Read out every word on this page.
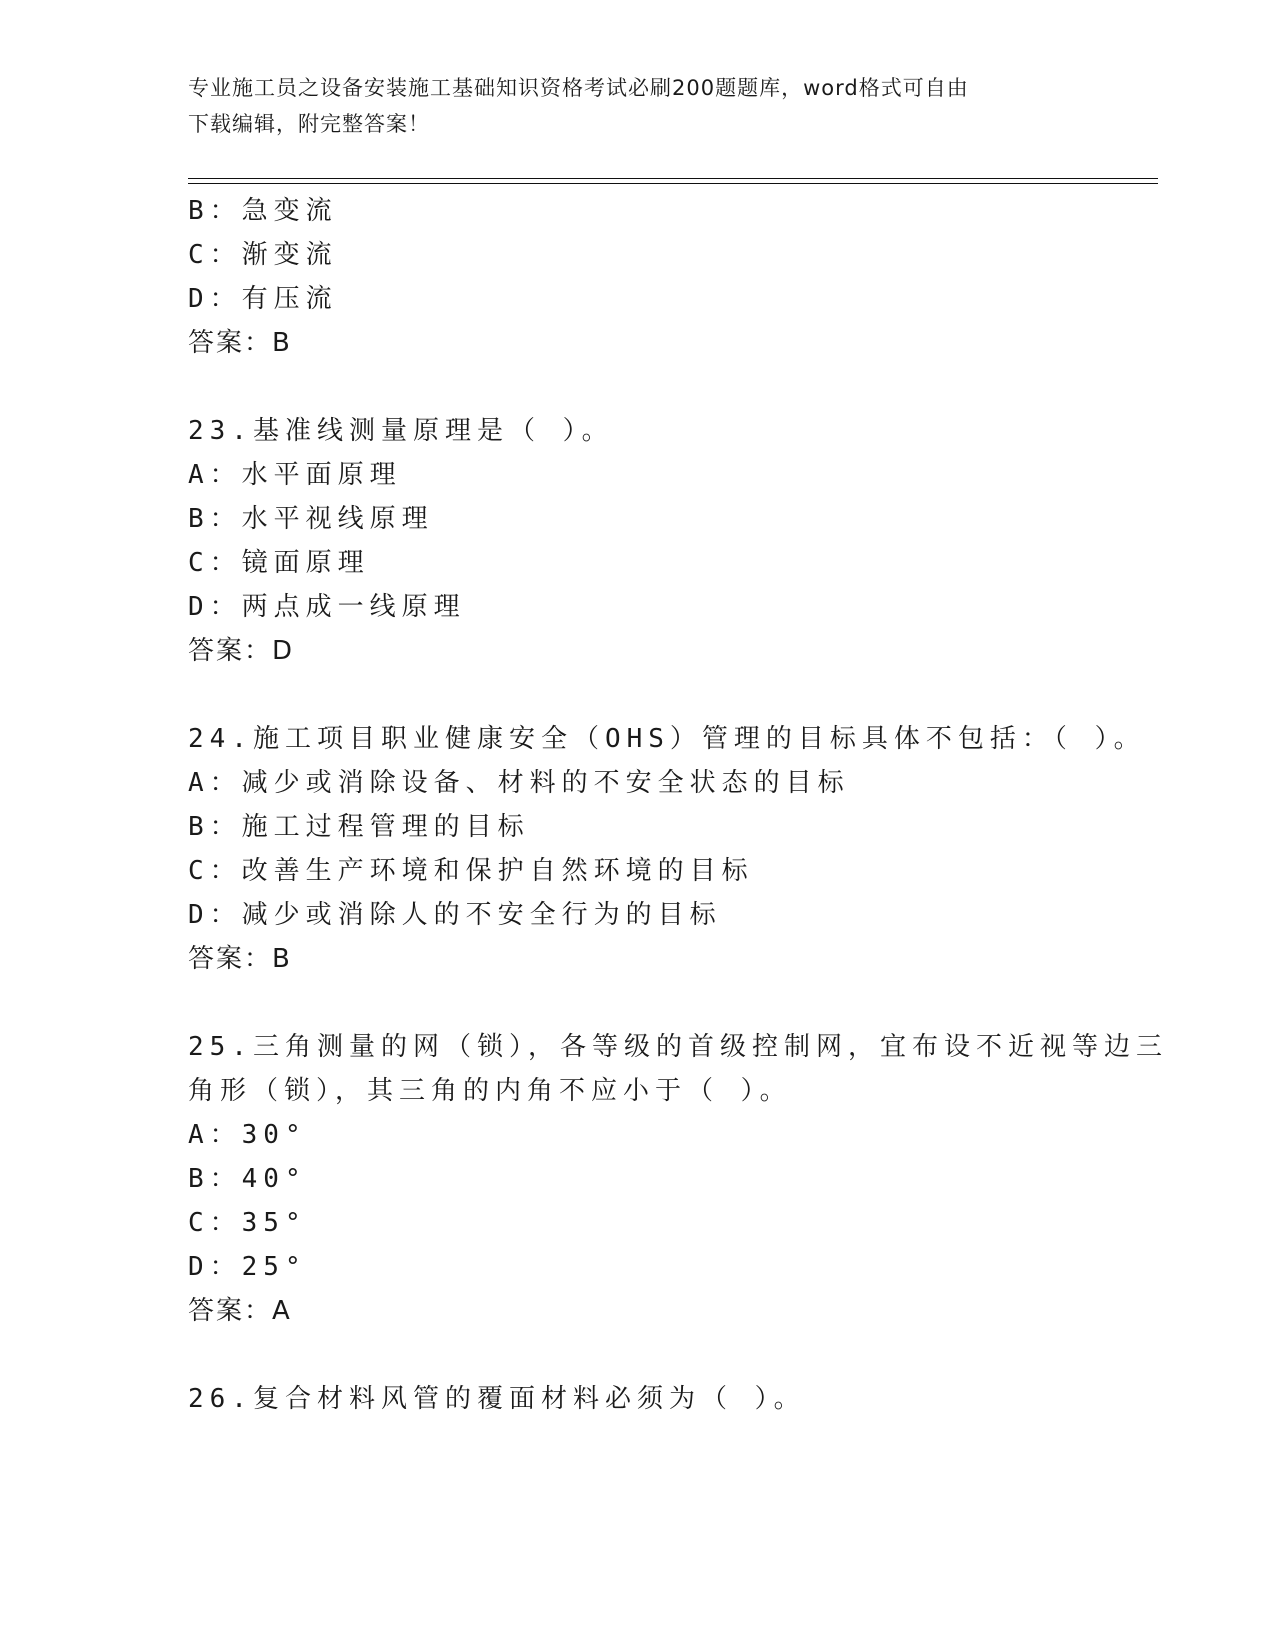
专业施工员之设备安装施工基础知识资格考试必刷200题题库，word格式可自由
下载编辑，附完整答案！
B：急变流
C：渐变流
D：有压流
答案：B
23.基准线测量原理是（ ）。
A：水平面原理
B：水平视线原理
C：镜面原理
D：两点成一线原理
答案：D
24.施工项目职业健康安全（OHS）管理的目标具体不包括：（ ）。
A：减少或消除设备、材料的不安全状态的目标
B：施工过程管理的目标
C：改善生产环境和保护自然环境的目标
D：减少或消除人的不安全行为的目标
答案：B
25.三角测量的网（锁），各等级的首级控制网，宜布设不近视等边三
角形（锁），其三角的内角不应小于（ ）。
A：30°
B：40°
C：35°
D：25°
答案：A
26.复合材料风管的覆面材料必须为（ ）。
